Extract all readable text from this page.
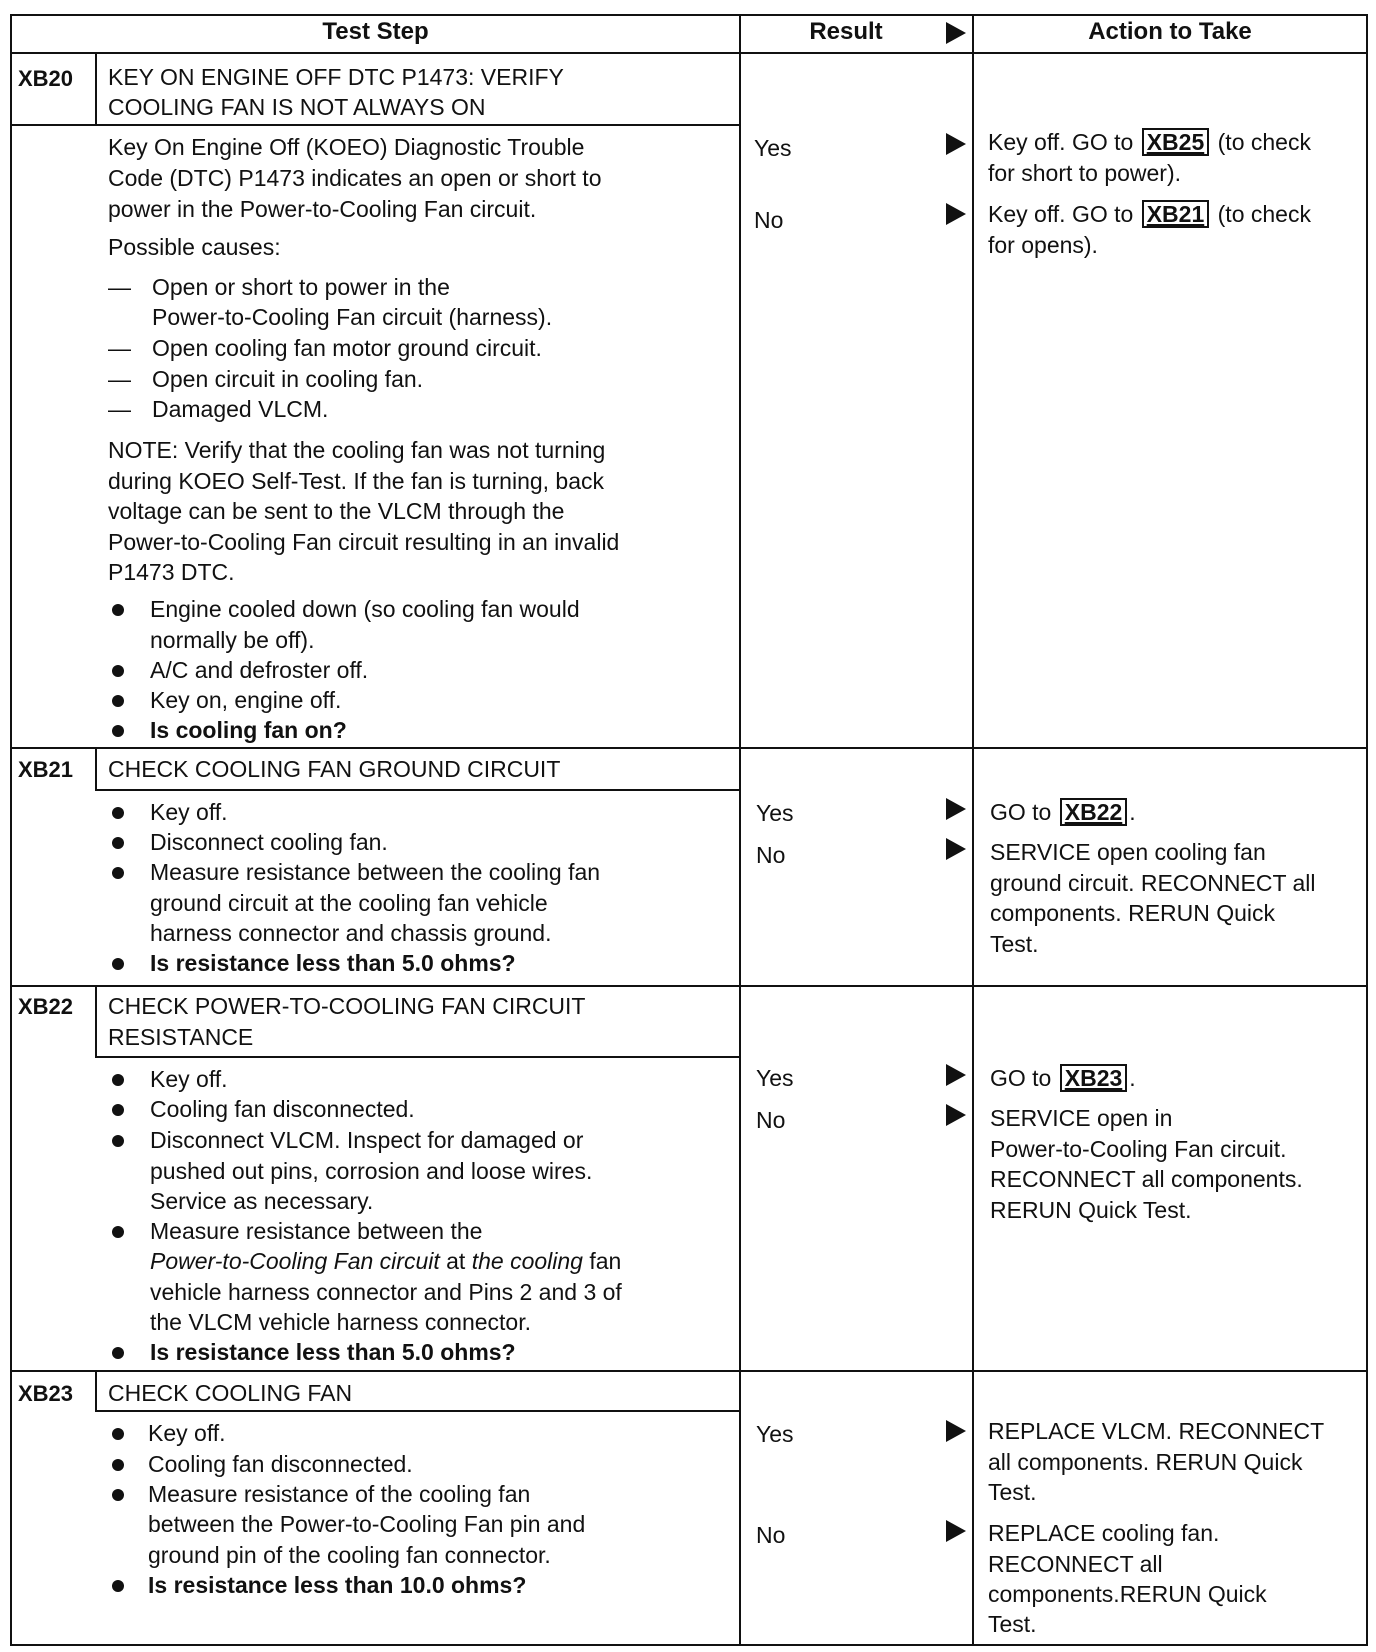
Test Step	Result	Action to Take
XB20 KEY ON ENGINE OFF DTC P1473: VERIFY
COOLING FAN IS NOT ALWAYS ON
Key On Engine Off (KOEO) Diagnostic Trouble
Code (DTC) P1473 indicates an open or short to
power in the Power-to-Cooling Fan circuit.
Possible causes:
— Open or short to power in the
Power-to-Cooling Fan circuit (harness).
— Open cooling fan motor ground circuit.
— Open circuit in cooling fan.
— Damaged VLCM.
NOTE: Verify that the cooling fan was not turning
during KOEO Self-Test. If the fan is turning, back
voltage can be sent to the VLCM through the
Power-to-Cooling Fan circuit resulting in an invalid
P1473 DTC.
Engine cooled down (so cooling fan would
normally be off).
A/C and defroster off.
Key on, engine off.
Is cooling fan on?
Yes	Key off. GO to XB25 (to check
for short to power).
No	Key off. GO to XB21 (to check
for opens).
XB21 CHECK COOLING FAN GROUND CIRCUIT
Key off.
Disconnect cooling fan.
Measure resistance between the cooling fan
ground circuit at the cooling fan vehicle
harness connector and chassis ground.
Is resistance less than 5.0 ohms?
Yes	GO to XB22 .
No	SERVICE open cooling fan
ground circuit. RECONNECT all
components. RERUN Quick
Test.
XB22 CHECK POWER-TO-COOLING FAN CIRCUIT
RESISTANCE
Key off.
Cooling fan disconnected.
Disconnect VLCM. Inspect for damaged or
pushed out pins, corrosion and loose wires.
Service as necessary.
Measure resistance between the
Power-to-Cooling Fan circuit at the cooling fan
vehicle harness connector and Pins 2 and 3 of
the VLCM vehicle harness connector.
Is resistance less than 5.0 ohms?
Yes	GO to XB23 .
No	SERVICE open in
Power-to-Cooling Fan circuit.
RECONNECT all components.
RERUN Quick Test.
XB23 CHECK COOLING FAN
Key off.
Cooling fan disconnected.
Measure resistance of the cooling fan
between the Power-to-Cooling Fan pin and
ground pin of the cooling fan connector.
Is resistance less than 10.0 ohms?
Yes	REPLACE VLCM. RECONNECT
all components. RERUN Quick
Test.
No	REPLACE cooling fan.
RECONNECT all
components.RERUN Quick
Test.
